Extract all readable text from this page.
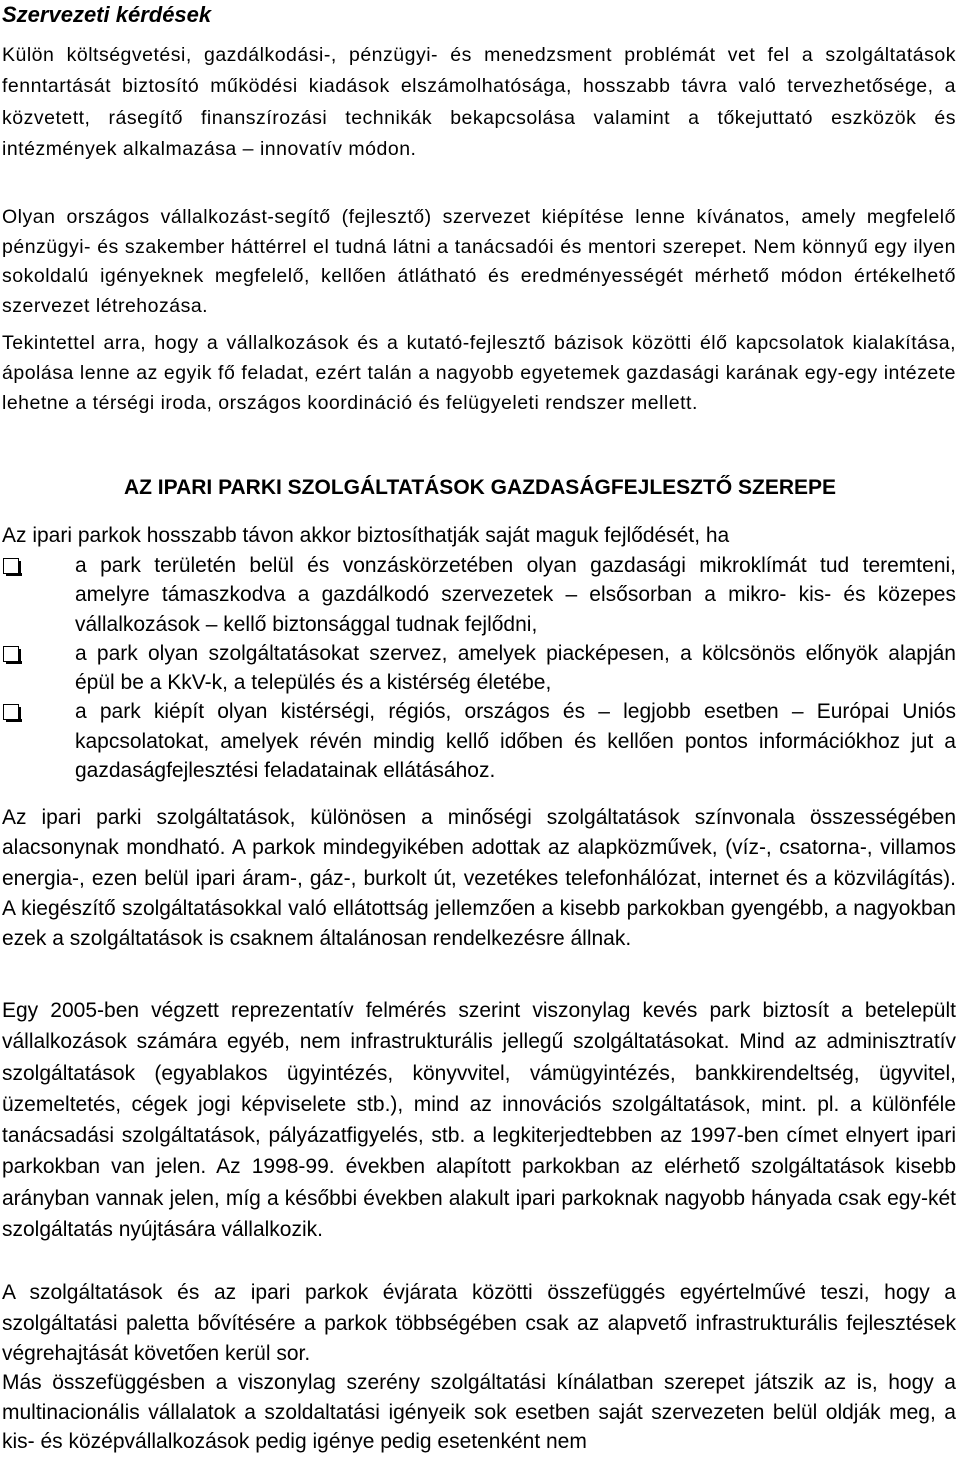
Szervezeti kérdések

Külön költségvetési, gazdálkodási-, pénzügyi- és menedzsment problémát vet fel a szolgáltatások fenntartását biztosító működési kiadások elszámolhatósága, hosszabb távra való tervezhetősége, a közvetett, rásegítő finanszírozási technikák bekapcsolása valamint a tőkejuttató eszközök és intézmények alkalmazása – innovatív módon.

Olyan országos vállalkozást-segítő (fejlesztő) szervezet kiépítése lenne kívánatos, amely megfelelő pénzügyi- és szakember háttérrel el tudná látni a tanácsadói és mentori szerepet. Nem könnyű egy ilyen sokoldalú igényeknek megfelelő, kellően átlátható és eredményességét mérhető módon értékelhető szervezet létrehozása.

Tekintettel arra, hogy a vállalkozások és a kutató-fejlesztő bázisok közötti élő kapcsolatok kialakítása, ápolása lenne az egyik fő feladat, ezért talán a nagyobb egyetemek gazdasági karának egy-egy intézete lehetne a térségi iroda, országos koordináció és felügyeleti rendszer mellett.

AZ IPARI PARKI SZOLGÁLTATÁSOK GAZDASÁGFEJLESZTŐ SZEREPE

Az ipari parkok hosszabb távon akkor biztosíthatják saját maguk fejlődését, ha

a park területén belül és vonzáskörzetében olyan gazdasági mikroklímát tud teremteni, amelyre támaszkodva a gazdálkodó szervezetek – elsősorban a mikro- kis- és közepes vállalkozások – kellő biztonsággal tudnak fejlődni,
a park olyan szolgáltatásokat szervez, amelyek piacképesen, a kölcsönös előnyök alapján épül be a KkV-k, a település és a kistérség életébe,
a park kiépít olyan kistérségi, régiós, országos és – legjobb esetben – Európai Uniós kapcsolatokat, amelyek révén mindig kellő időben és kellően pontos információkhoz jut a gazdaságfejlesztési feladatainak ellátásához.

Az ipari parki szolgáltatások, különösen a minőségi szolgáltatások színvonala összességében alacsonynak mondható. A parkok mindegyikében adottak az alapközművek, (víz-, csatorna-, villamos energia-, ezen belül ipari áram-, gáz-, burkolt út, vezetékes telefonhálózat, internet és a közvilágítás). A kiegészítő szolgáltatásokkal való ellátottság jellemzően a kisebb parkokban gyengébb, a nagyokban ezek a szolgáltatások is csaknem általánosan rendelkezésre állnak.

Egy 2005-ben végzett reprezentatív felmérés szerint viszonylag kevés park biztosít a betelepült vállalkozások számára egyéb, nem infrastrukturális jellegű szolgáltatásokat. Mind az adminisztratív szolgáltatások (egyablakos ügyintézés, könyvvitel, vámügyintézés, bankkirendeltség, ügyvitel, üzemeltetés, cégek jogi képviselete stb.), mind az innovációs szolgáltatások, mint. pl. a különféle tanácsadási szolgáltatások, pályázatfigyelés, stb. a legkiterjedtebben az 1997-ben címet elnyert ipari parkokban van jelen. Az 1998-99. években alapított parkokban az elérhető szolgáltatások kisebb arányban vannak jelen, míg a későbbi években alakult ipari parkoknak nagyobb hányada csak egy-két szolgáltatás nyújtására vállalkozik.

A szolgáltatások és az ipari parkok évjárata közötti összefüggés egyértelművé teszi, hogy a szolgáltatási paletta bővítésére a parkok többségében csak az alapvető infrastrukturális fejlesztések végrehajtását követően kerül sor.

Más összefüggésben a viszonylag szerény szolgáltatási kínálatban szerepet játszik az is, hogy a multinacionális vállalatok a szoldaltatási igényeik sok esetben saját szervezeten belül oldják meg, a kis- és középvállalkozások pedig igénye pedig esetenként nem
